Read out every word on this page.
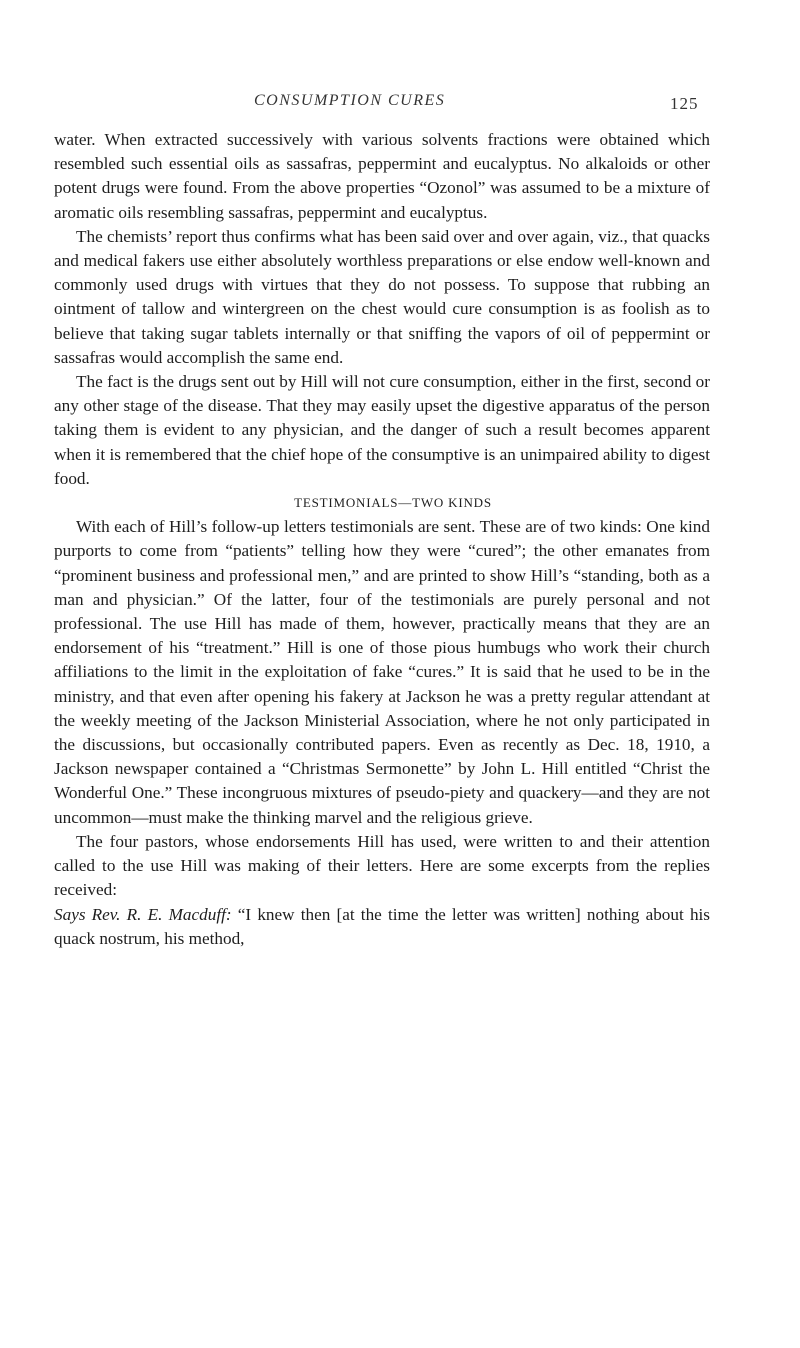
CONSUMPTION CURES	125

water. When extracted successively with various solvents fractions were obtained which resembled such essential oils as sassafras, peppermint and eucalyptus. No alkaloids or other potent drugs were found. From the above properties “Ozonol” was assumed to be a mixture of aromatic oils resembling sassafras, peppermint and eucalyptus.

The chemists’ report thus confirms what has been said over and over again, viz., that quacks and medical fakers use either absolutely worthless preparations or else endow well-known and commonly used drugs with virtues that they do not possess. To suppose that rubbing an ointment of tallow and wintergreen on the chest would cure consumption is as foolish as to believe that taking sugar tablets internally or that sniffing the vapors of oil of peppermint or sassafras would accomplish the same end.

The fact is the drugs sent out by Hill will not cure consumption, either in the first, second or any other stage of the disease. That they may easily upset the digestive apparatus of the person taking them is evident to any physician, and the danger of such a result becomes apparent when it is remembered that the chief hope of the consumptive is an unimpaired ability to digest food.

TESTIMONIALS—TWO KINDS

With each of Hill’s follow-up letters testimonials are sent. These are of two kinds: One kind purports to come from “patients” telling how they were “cured”; the other emanates from “prominent business and professional men,” and are printed to show Hill’s “standing, both as a man and physician.” Of the latter, four of the testimonials are purely personal and not professional. The use Hill has made of them, however, practically means that they are an endorsement of his “treatment.” Hill is one of those pious humbugs who work their church affiliations to the limit in the exploitation of fake “cures.” It is said that he used to be in the ministry, and that even after opening his fakery at Jackson he was a pretty regular attendant at the weekly meeting of the Jackson Ministerial Association, where he not only participated in the discussions, but occasionally contributed papers. Even as recently as Dec. 18, 1910, a Jackson newspaper contained a “Christmas Sermonette” by John L. Hill entitled “Christ the Wonderful One.” These incongruous mixtures of pseudo-piety and quackery—and they are not uncommon—must make the thinking marvel and the religious grieve.

The four pastors, whose endorsements Hill has used, were written to and their attention called to the use Hill was making of their letters. Here are some excerpts from the replies received:

Says Rev. R. E. Macduff: “I knew then [at the time the letter was written] nothing about his quack nostrum, his method,
